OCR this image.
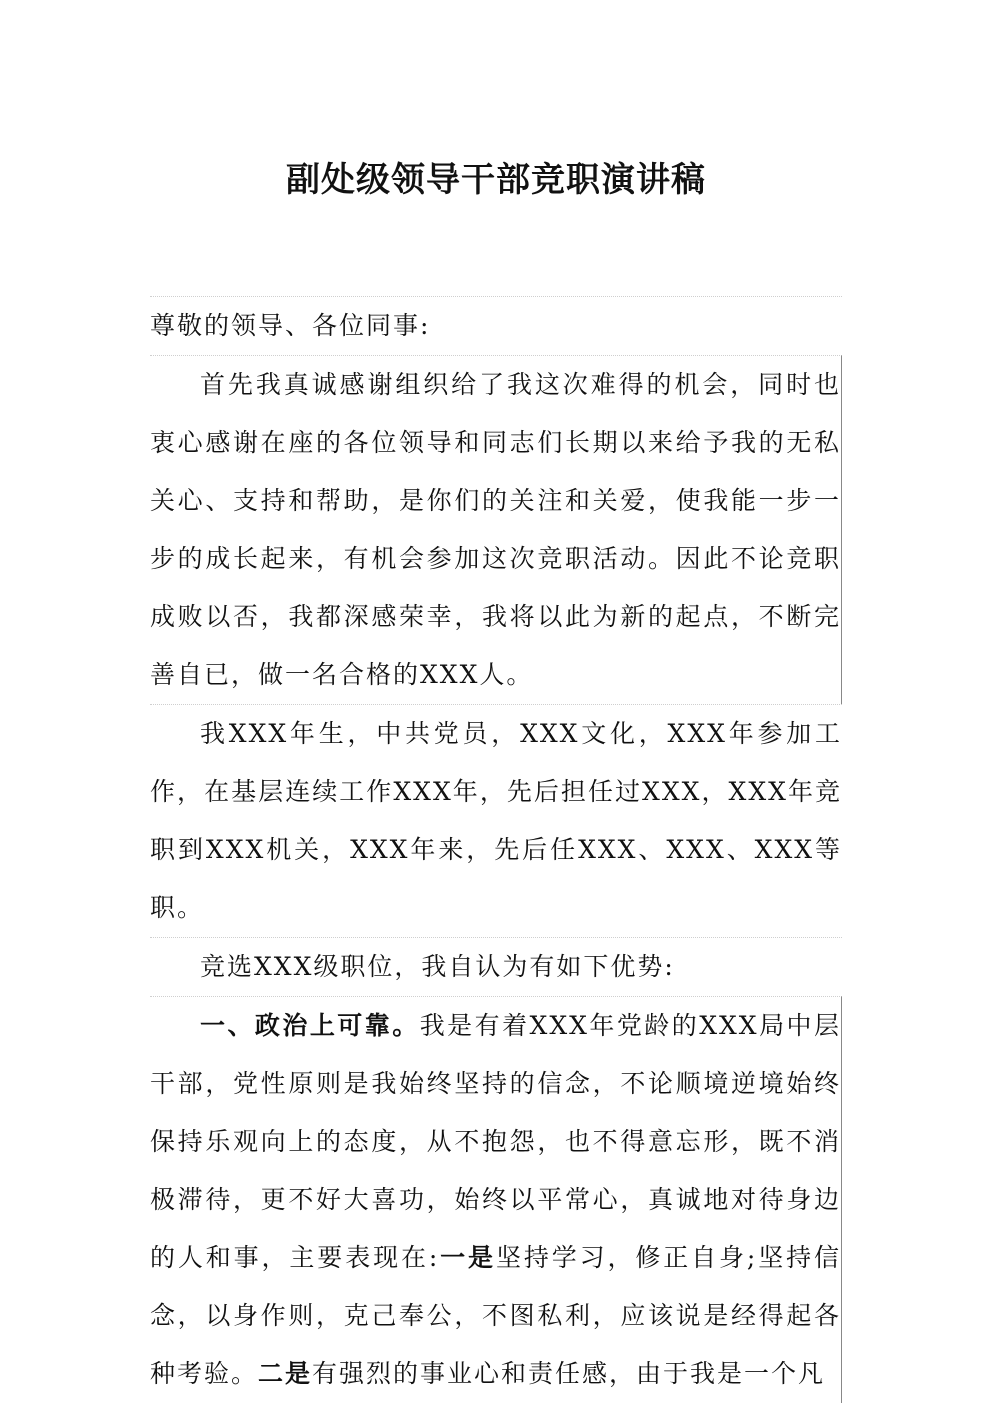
副处级领导干部竞职演讲稿

尊敬的领导、各位同事:

首先我真诚感谢组织给了我这次难得的机会，同时也衷心感谢在座的各位领导和同志们长期以来给予我的无私关心、支持和帮助，是你们的关注和关爱，使我能一步一步的成长起来，有机会参加这次竞职活动。因此不论竞职成败以否，我都深感荣幸，我将以此为新的起点，不断完善自已，做一名合格的XXX人。

我XXX年生，中共党员，XXX文化，XXX年参加工作，在基层连续工作XXX年，先后担任过XXX，XXX年竞职到XXX机关，XXX年来，先后任XXX、XXX、XXX等职。

竞选XXX级职位，我自认为有如下优势:

一、政治上可靠。我是有着XXX年党龄的XXX局中层干部，党性原则是我始终坚持的信念，不论顺境逆境始终保持乐观向上的态度，从不抱怨，也不得意忘形，既不消极滞待，更不好大喜功，始终以平常心，真诚地对待身边的人和事，主要表现在:一是坚持学习，修正自身;坚持信念，以身作则，克己奉公，不图私利，应该说是经得起各种考验。二是有强烈的事业心和责任感，由于我是一个凡
